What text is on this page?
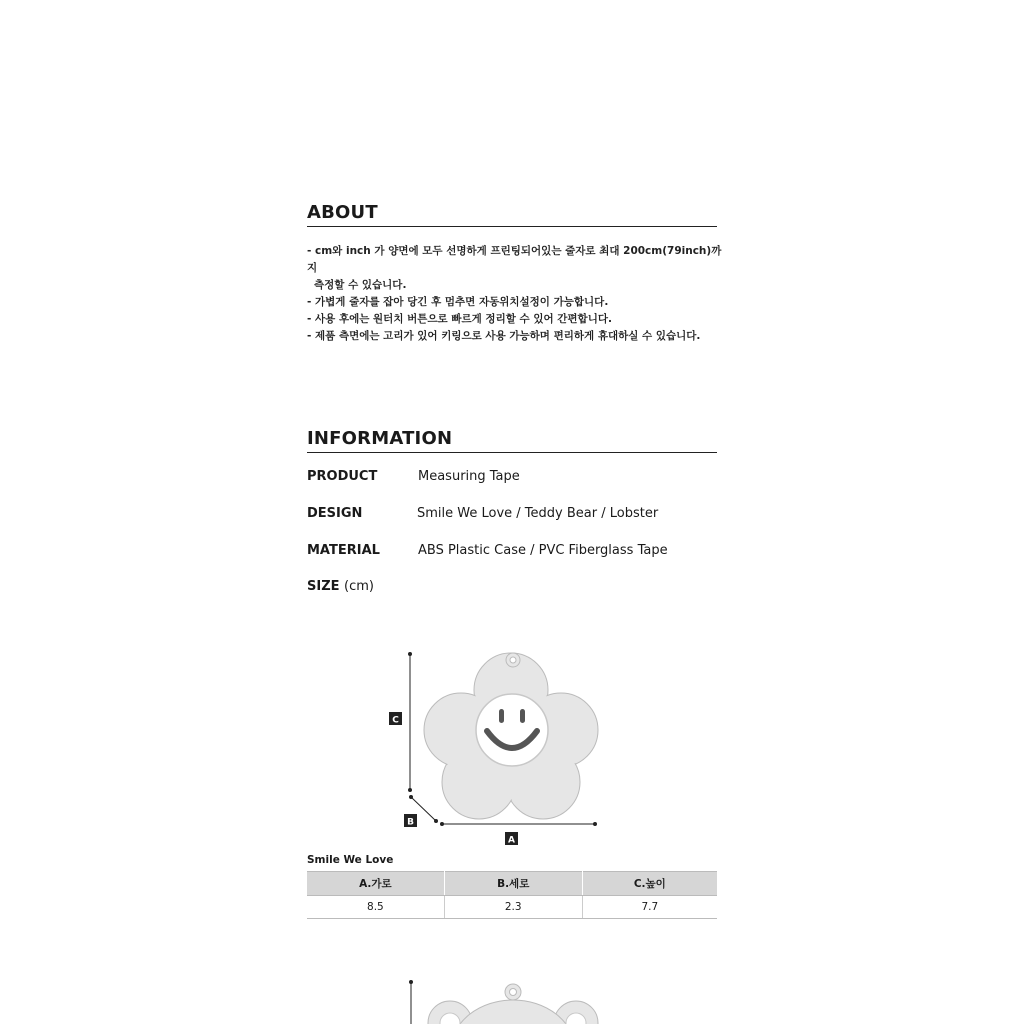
ABOUT
- cm와 inch 가 양면에 모두 선명하게 프린팅되어있는 줄자로 최대 200cm(79inch)까지
측정할 수 있습니다.
- 가볍게 줄자를 잡아 당긴 후 멈추면 자동위치설정이 가능합니다.
- 사용 후에는 원터치 버튼으로 빠르게 정리할 수 있어 간편합니다.
- 제품 측면에는 고리가 있어 키링으로 사용 가능하며 편리하게 휴대하실 수 있습니다.
INFORMATION
PRODUCT	Measuring Tape
DESIGN	Smile We Love / Teddy Bear / Lobster
MATERIAL	ABS Plastic Case / PVC Fiberglass Tape
SIZE (cm)
C
B
A
Smile We Love
A.가로	B.세로	C.높이
8.5	2.3	7.7
